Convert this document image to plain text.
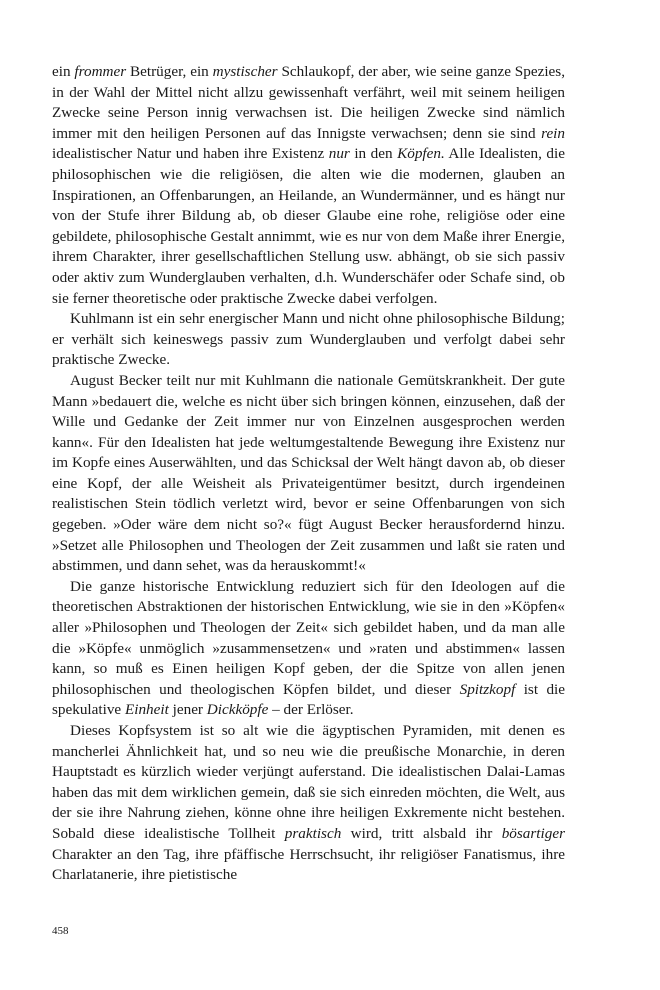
ein frommer Betrüger, ein mystischer Schlaukopf, der aber, wie seine ganze Spezies, in der Wahl der Mittel nicht allzu gewissenhaft verfährt, weil mit seinem heiligen Zwecke seine Person innig verwachsen ist. Die heiligen Zwecke sind nämlich immer mit den heiligen Personen auf das Innigste verwachsen; denn sie sind rein idealistischer Natur und haben ihre Existenz nur in den Köpfen. Alle Idealisten, die philosophischen wie die religiösen, die alten wie die modernen, glauben an Inspirationen, an Offenbarungen, an Heilande, an Wundermänner, und es hängt nur von der Stufe ihrer Bildung ab, ob dieser Glaube eine rohe, religiöse oder eine gebildete, philosophische Gestalt annimmt, wie es nur von dem Maße ihrer Energie, ihrem Charakter, ihrer gesellschaftlichen Stellung usw. abhängt, ob sie sich passiv oder aktiv zum Wunderglauben verhalten, d.h. Wunderschäfer oder Schafe sind, ob sie ferner theoretische oder praktische Zwecke dabei verfolgen.

Kuhlmann ist ein sehr energischer Mann und nicht ohne philosophische Bildung; er verhält sich keineswegs passiv zum Wunderglauben und verfolgt dabei sehr praktische Zwecke.

August Becker teilt nur mit Kuhlmann die nationale Gemütskrankheit. Der gute Mann »bedauert die, welche es nicht über sich bringen können, einzusehen, daß der Wille und Gedanke der Zeit immer nur von Einzelnen ausgesprochen werden kann«. Für den Idealisten hat jede weltumgestaltende Bewegung ihre Existenz nur im Kopfe eines Auserwählten, und das Schicksal der Welt hängt davon ab, ob dieser eine Kopf, der alle Weisheit als Privateigentümer besitzt, durch irgendeinen realistischen Stein tödlich verletzt wird, bevor er seine Offenbarungen von sich gegeben. »Oder wäre dem nicht so?« fügt August Becker herausfordernd hinzu. »Setzet alle Philosophen und Theologen der Zeit zusammen und laßt sie raten und abstimmen, und dann sehet, was da herauskommt!«

Die ganze historische Entwicklung reduziert sich für den Ideologen auf die theoretischen Abstraktionen der historischen Entwicklung, wie sie in den »Köpfen« aller »Philosophen und Theologen der Zeit« sich gebildet haben, und da man alle die »Köpfe« unmöglich »zusammensetzen« und »raten und abstimmen« lassen kann, so muß es Einen heiligen Kopf geben, der die Spitze von allen jenen philosophischen und theologischen Köpfen bildet, und dieser Spitzkopf ist die spekulative Einheit jener Dickköpfe – der Erlöser.

Dieses Kopfsystem ist so alt wie die ägyptischen Pyramiden, mit denen es mancherlei Ähnlichkeit hat, und so neu wie die preußische Monarchie, in deren Hauptstadt es kürzlich wieder verjüngt auferstand. Die idealistischen Dalai-Lamas haben das mit dem wirklichen gemein, daß sie sich einreden möchten, die Welt, aus der sie ihre Nahrung ziehen, könne ohne ihre heiligen Exkremente nicht bestehen. Sobald diese idealistische Tollheit praktisch wird, tritt alsbald ihr bösartiger Charakter an den Tag, ihre pfäffische Herrschsucht, ihr religiöser Fanatismus, ihre Charlatanerie, ihre pietistische

458
